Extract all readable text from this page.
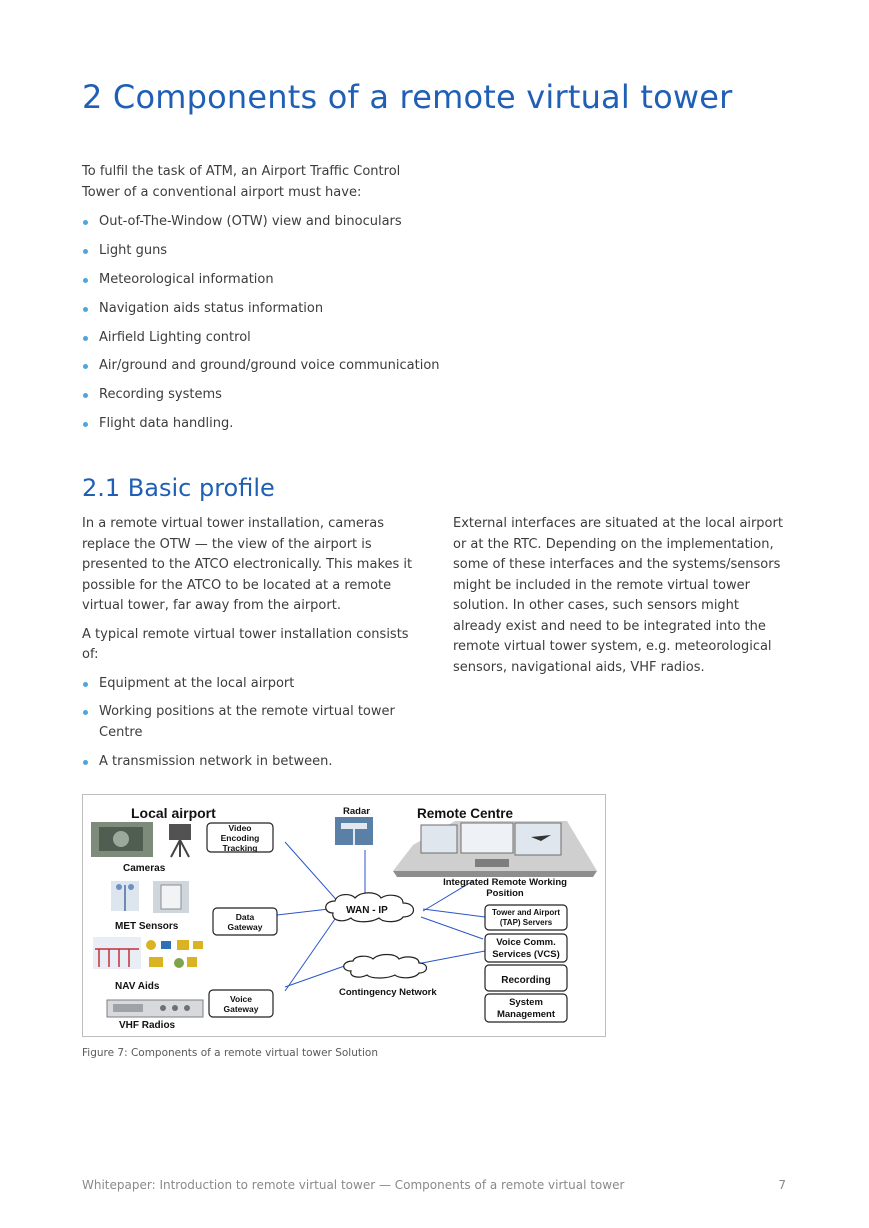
2 Components of a remote virtual tower

To fulfil the task of ATM, an Airport Traffic Control Tower of a conventional airport must have:

Out-of-The-Window (OTW) view and binoculars
Light guns
Meteorological information
Navigation aids status information
Airfield Lighting control
Air/ground and ground/ground voice communication
Recording systems
Flight data handling.
2.1 Basic profile

In a remote virtual tower installation, cameras replace the OTW — the view of the airport is presented to the ATCO electronically. This makes it possible for the ATCO to be located at a remote virtual tower, far away from the airport.

A typical remote virtual tower installation consists of:

Equipment at the local airport
Working positions at the remote virtual tower Centre
A transmission network in between.

External interfaces are situated at the local airport or at the RTC. Depending on the implementation, some of these interfaces and the systems/sensors might be included in the remote virtual tower solution. In other cases, such sensors might already exist and need to be integrated into the remote virtual tower system, e.g. meteorological sensors, navigational aids, VHF radios.

Local airport
Cameras
Video
Encoding
Tracking
MET Sensors
Data
Gateway
NAV Aids
Voice
Gateway
VHF Radios
Radar
WAN - IP
Contingency Network
Remote Centre
Integrated Remote Working
Position
Tower and Airport
(TAP) Servers
Voice Comm.
Services (VCS)
Recording
System
Management
Figure 7: Components of a remote virtual tower Solution
Whitepaper: Introduction to remote virtual tower — Components of a remote virtual tower	7
